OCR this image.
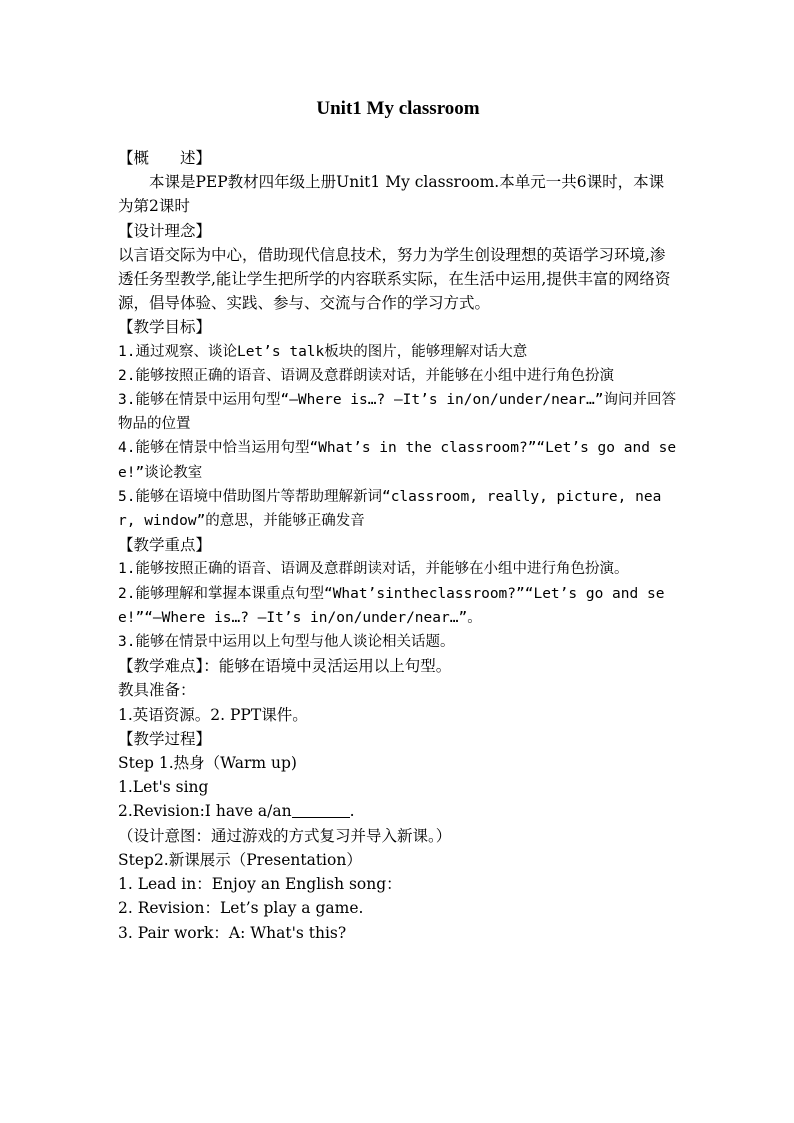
Unit1 My classroom

【概　　述】

本课是PEP教材四年级上册Unit1 My classroom.本单元一共6课时，本课为第2课时

【设计理念】

以言语交际为中心，借助现代信息技术，努力为学生创设理想的英语学习环境,渗透任务型教学,能让学生把所学的内容联系实际，在生活中运用,提供丰富的网络资源，倡导体验、实践、参与、交流与合作的学习方式。

【教学目标】

1.通过观察、谈论Let’s talk板块的图片，能够理解对话大意

2.能够按照正确的语音、语调及意群朗读对话，并能够在小组中进行角色扮演

3.能够在情景中运用句型“—Where is…? —It’s in/on/under/near…”询问并回答物品的位置

4.能够在情景中恰当运用句型“What’s in the classroom?”“Let’s go and see!”谈论教室

5.能够在语境中借助图片等帮助理解新词“classroom, really, picture, near, window”的意思，并能够正确发音

【教学重点】

1.能够按照正确的语音、语调及意群朗读对话，并能够在小组中进行角色扮演。

2.能够理解和掌握本课重点句型“What’sintheclassroom?”“Let’s go and see!”“—Where is…? —It’s in/on/under/near…”。

3.能够在情景中运用以上句型与他人谈论相关话题。

【教学难点】：能够在语境中灵活运用以上句型。

教具准备：

1.英语资源。2. PPT课件。

【教学过程】

Step 1.热身（Warm up)

1.Let's sing

2.Revision:I have a/an	.

（设计意图：通过游戏的方式复习并导入新课。）

Step2.新课展示（Presentation）

1. Lead in：Enjoy an English song：

2. Revision：Let’s play a game.

3. Pair work：A: What's this?
